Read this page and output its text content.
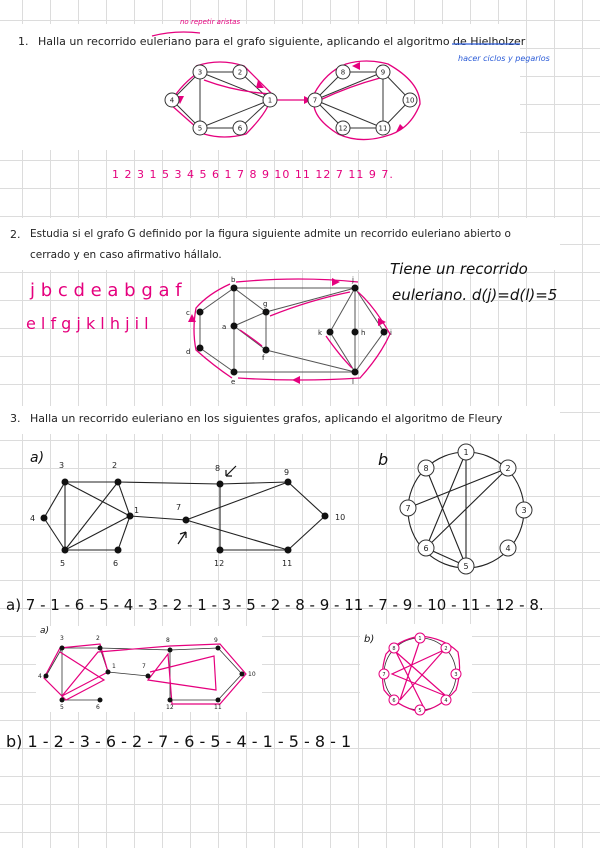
1. Halla un recorrido euleriano para el grafo siguiente, aplicando el algoritmo de Hielholzer
no repetir aristas
hacer ciclos y pegarlos
1
2
3
4
5	6
7
8	9
10
11
12
1 2 3 1 5 3 4 5 6 1 7 8 9 10 11 12 7 11 9 7.
2. Estudia si el grafo G definido por la figura siguiente admite un recorrido euleriano abierto o
cerrado y en caso afirmativo hállalo.
j b c d e a b g a f
e l f g j k l h j i l
Tiene un recorrido
euleriano. d(j)=d(l)=5
b	j
c
g
a
k	h	i
d
f
e	l
3. Halla un recorrido euleriano en los siguientes grafos, aplicando el algoritmo de Fleury
a)	b
1
2
3
4
5	6
7
8	9
10
11
12
1
2
3
4
5
6
7
8
a) 7 - 1 - 6 - 5 - 4 - 3 - 2 - 1 - 3 - 5 - 2 - 8 - 9 - 11 - 7 - 9 - 10 - 11 - 12 - 8.
a)
1
2
3
4
5	6
7
8	9
10
11
12
b)	1
2
3
4
5
6
7
8
b) 1 - 2 - 3 - 6 - 2 - 7 - 6 - 5 - 4 - 1 - 5 - 8 - 1
